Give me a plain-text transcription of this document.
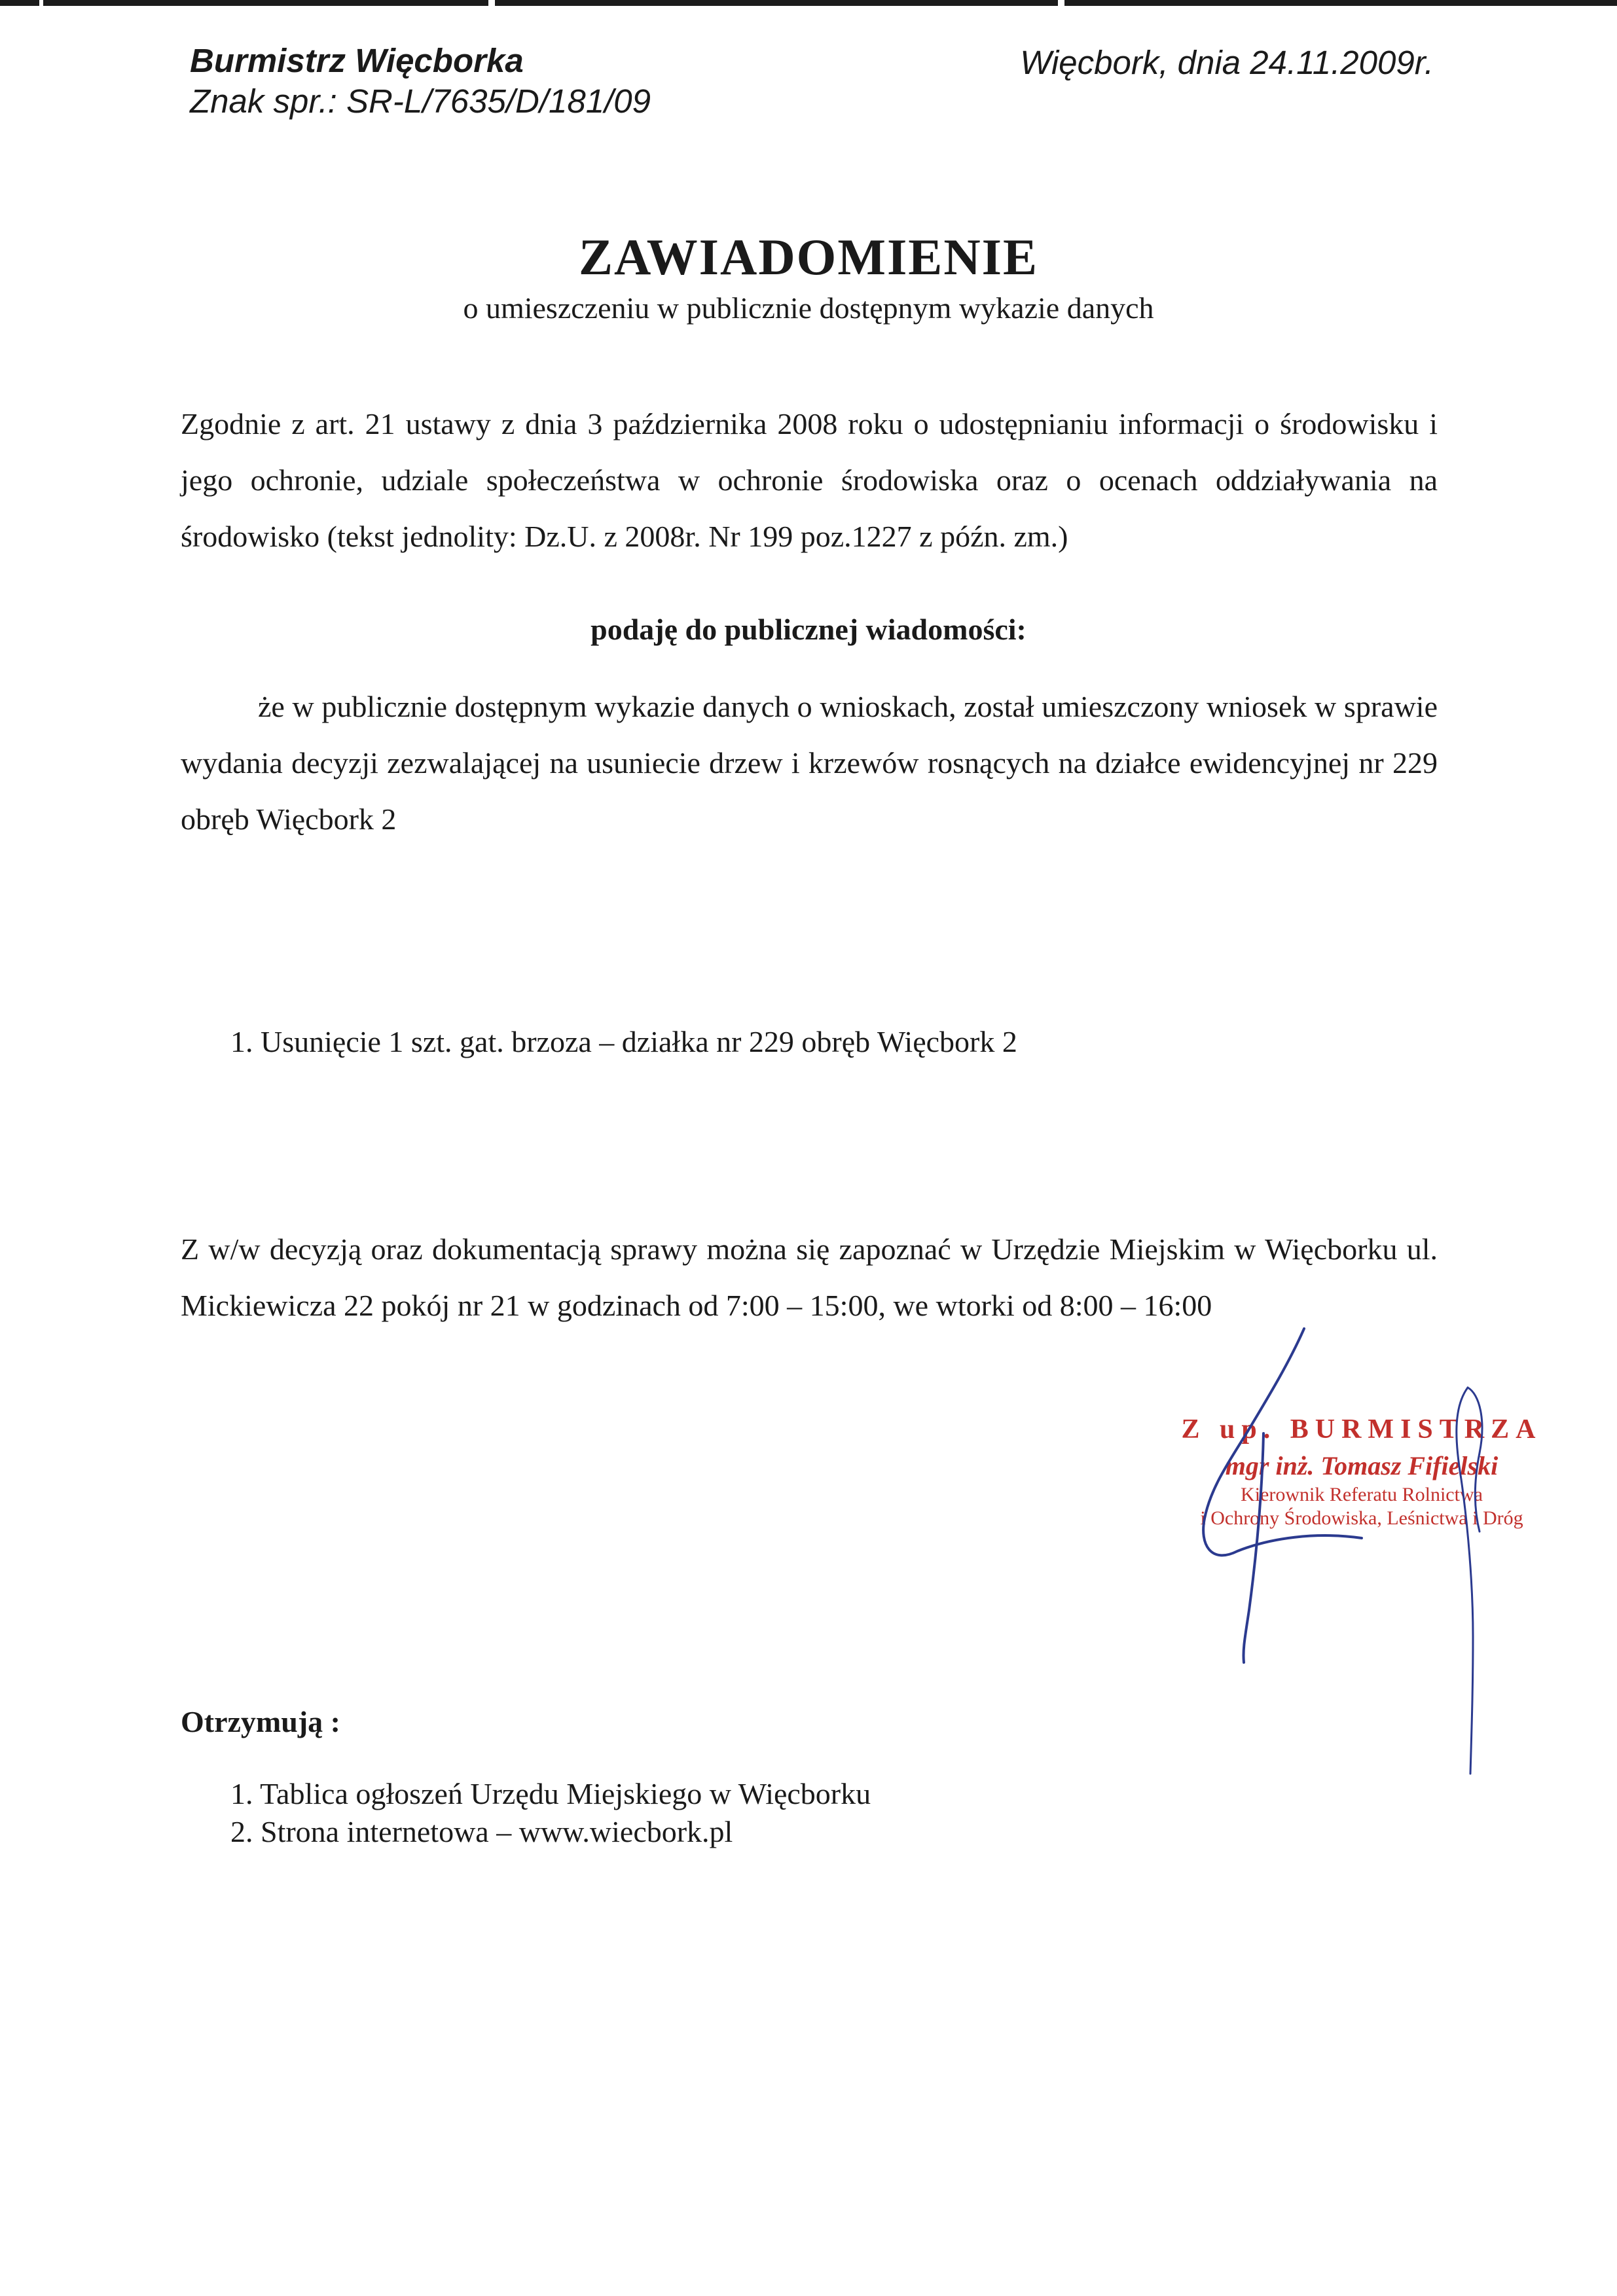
Burmistrz Więcborka
Znak spr.: SR-L/7635/D/181/09
Więcbork, dnia 24.11.2009r.
ZAWIADOMIENIE
o umieszczeniu w publicznie dostępnym wykazie danych
Zgodnie z art. 21 ustawy z dnia 3 października 2008 roku o udostępnianiu informacji o środowisku i jego ochronie, udziale społeczeństwa w ochronie środowiska oraz o ocenach oddziaływania na środowisko (tekst jednolity: Dz.U. z 2008r. Nr 199 poz.1227 z późn. zm.)
podaję do publicznej wiadomości:
że w publicznie dostępnym wykazie danych o wnioskach, został umieszczony wniosek w sprawie wydania decyzji zezwalającej na usuniecie drzew i krzewów rosnących na działce ewidencyjnej nr 229 obręb Więcbork 2
1. Usunięcie 1 szt. gat. brzoza – działka nr 229 obręb Więcbork 2
Z w/w decyzją oraz dokumentacją sprawy można się zapoznać w Urzędzie Miejskim w Więcborku ul. Mickiewicza 22 pokój nr 21 w godzinach od 7:00 – 15:00, we wtorki od 8:00 – 16:00
Z up. BURMISTRZA
mgr inż. Tomasz Fifielski
Kierownik Referatu Rolnictwa
i Ochrony Środowiska, Leśnictwa i Dróg
Otrzymują :
1. Tablica ogłoszeń Urzędu Miejskiego w Więcborku
2. Strona internetowa – www.wiecbork.pl
